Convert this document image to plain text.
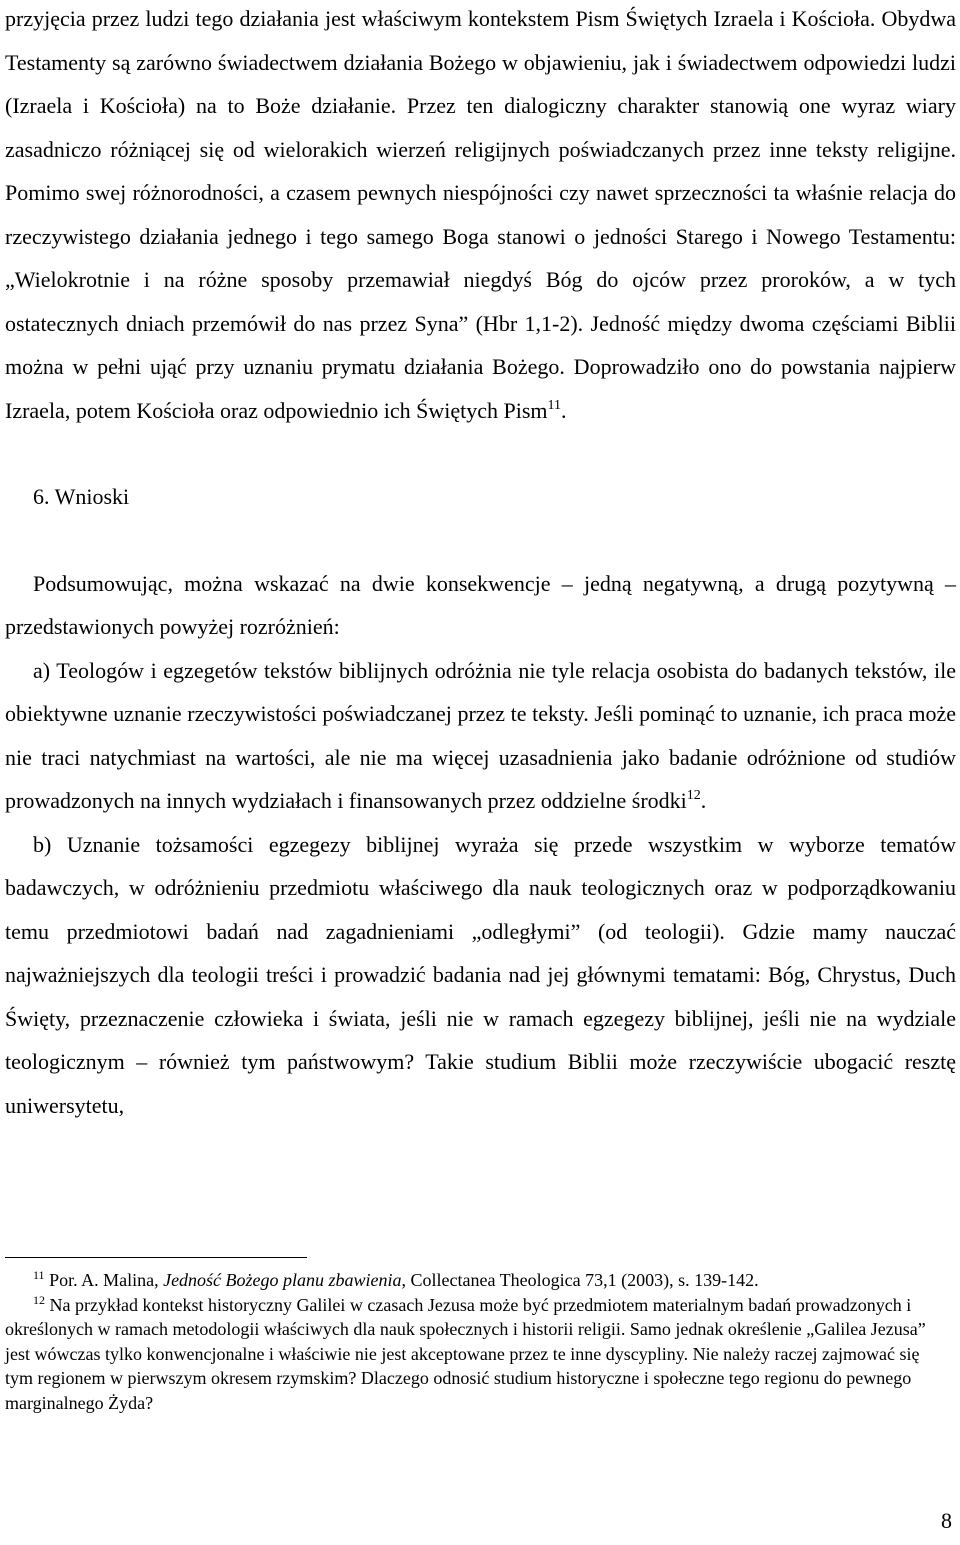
przyjęcia przez ludzi tego działania jest właściwym kontekstem Pism Świętych Izraela i Kościoła. Obydwa Testamenty są zarówno świadectwem działania Bożego w objawieniu, jak i świadectwem odpowiedzi ludzi (Izraela i Kościoła) na to Boże działanie. Przez ten dialogiczny charakter stanowią one wyraz wiary zasadniczo różniącej się od wielorakich wierzeń religijnych poświadczanych przez inne teksty religijne. Pomimo swej różnorodności, a czasem pewnych niespójności czy nawet sprzeczności ta właśnie relacja do rzeczywistego działania jednego i tego samego Boga stanowi o jedności Starego i Nowego Testamentu: „Wielokrotnie i na różne sposoby przemawiał niegdyś Bóg do ojców przez proroków, a w tych ostatecznych dniach przemówił do nas przez Syna” (Hbr 1,1-2). Jedność między dwoma częściami Biblii można w pełni ująć przy uznaniu prymatu działania Bożego. Doprowadziło ono do powstania najpierw Izraela, potem Kościoła oraz odpowiednio ich Świętych Pism$^{11}$.

6. Wnioski

Podsumowując, można wskazać na dwie konsekwencje – jedną negatywną, a drugą pozytywną – przedstawionych powyżej rozróżnień:

a) Teologów i egzegetów tekstów biblijnych odróżnia nie tyle relacja osobista do badanych tekstów, ile obiektywne uznanie rzeczywistości poświadczanej przez te teksty. Jeśli pominąć to uznanie, ich praca może nie traci natychmiast na wartości, ale nie ma więcej uzasadnienia jako badanie odróżnione od studiów prowadzonych na innych wydziałach i finansowanych przez oddzielne środki$^{12}$.

b) Uznanie tożsamości egzegezy biblijnej wyraża się przede wszystkim w wyborze tematów badawczych, w odróżnieniu przedmiotu właściwego dla nauk teologicznych oraz w podporządkowaniu temu przedmiotowi badań nad zagadnieniami „odległymi” (od teologii). Gdzie mamy nauczać najważniejszych dla teologii treści i prowadzić badania nad jej głównymi tematami: Bóg, Chrystus, Duch Święty, przeznaczenie człowieka i świata, jeśli nie w ramach egzegezy biblijnej, jeśli nie na wydziale teologicznym – również tym państwowym? Takie studium Biblii może rzeczywiście ubogacić resztę uniwersytetu,

$^{11}$ Por. A. Malina, Jedność Bożego planu zbawienia, Collectanea Theologica 73,1 (2003), s. 139-142.

$^{12}$ Na przykład kontekst historyczny Galilei w czasach Jezusa może być przedmiotem materialnym badań prowadzonych i określonych w ramach metodologii właściwych dla nauk społecznych i historii religii. Samo jednak określenie „Galilea Jezusa” jest wówczas tylko konwencjonalne i właściwie nie jest akceptowane przez te inne dyscypliny. Nie należy raczej zajmować się tym regionem w pierwszym okresem rzymskim? Dlaczego odnosić studium historyczne i społeczne tego regionu do pewnego marginalnego Żyda?

8
